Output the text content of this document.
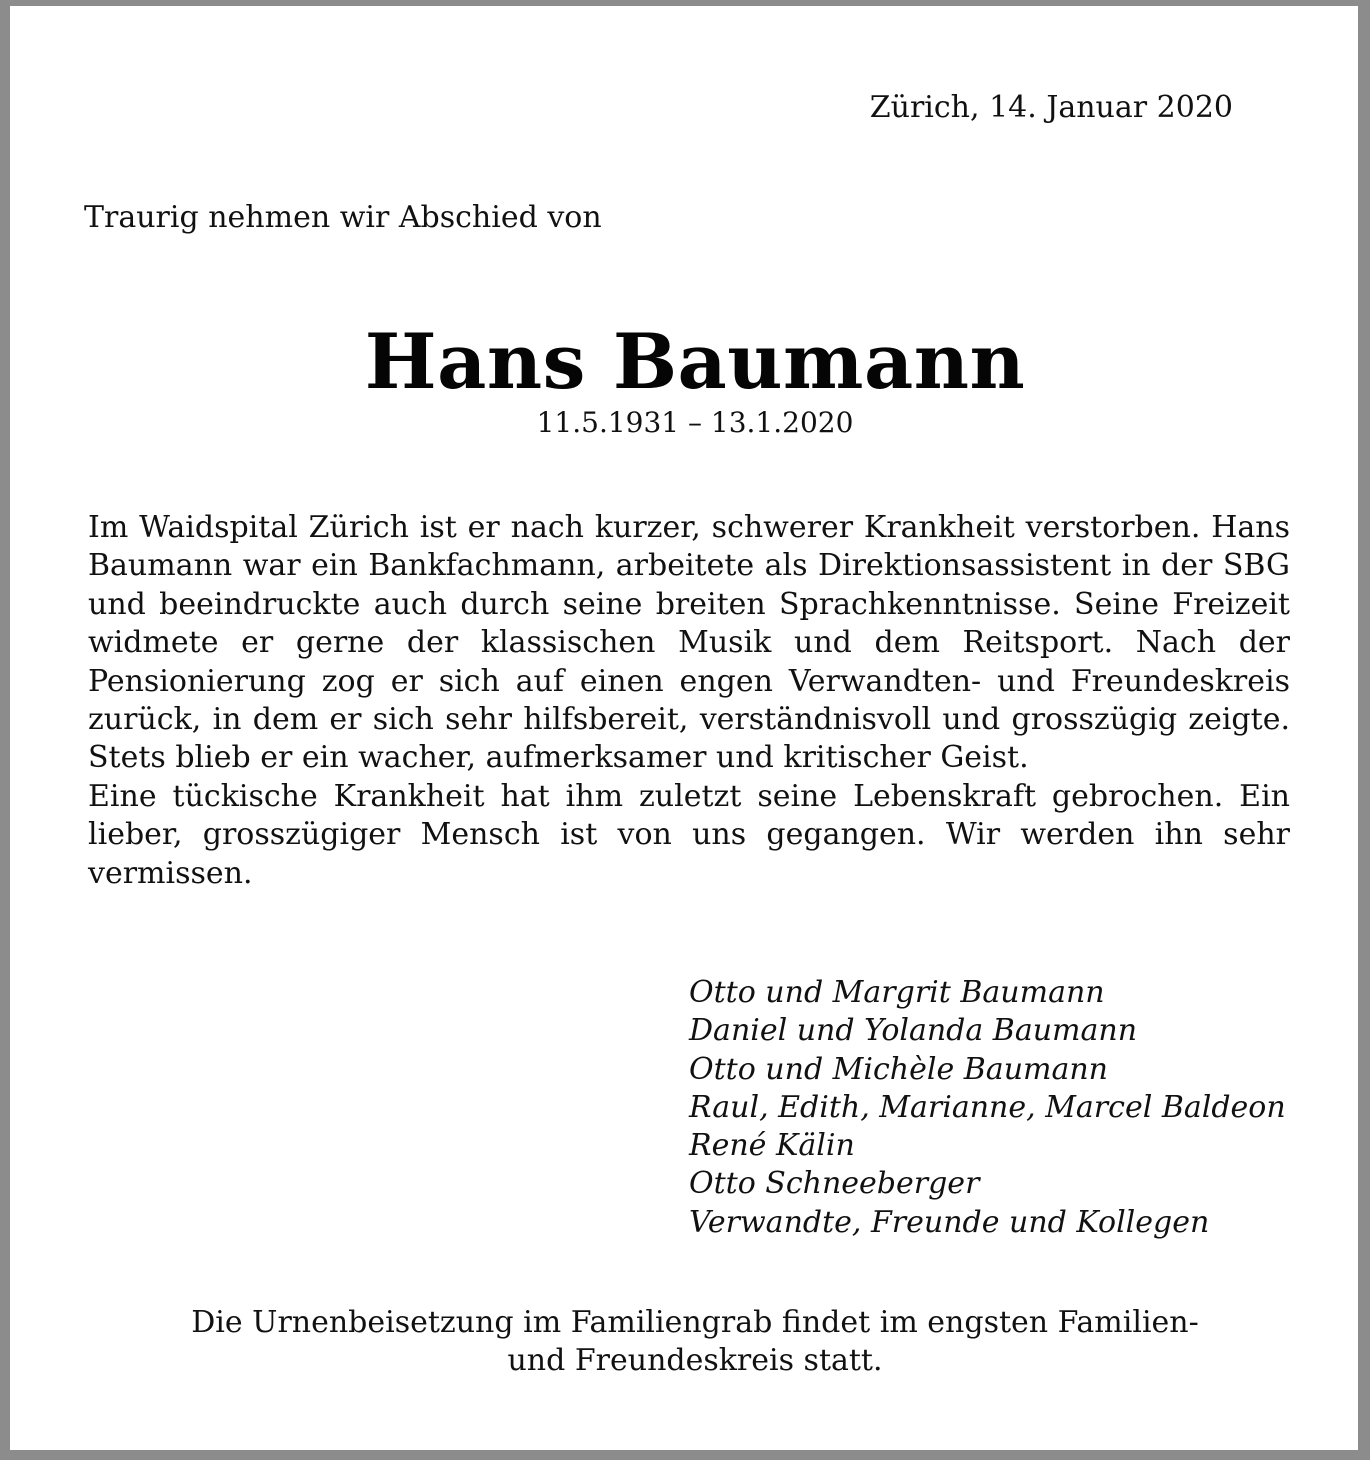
Zürich, 14. Januar 2020
Traurig nehmen wir Abschied von
Hans Baumann
11.5.1931 – 13.1.2020

Im Waidspital Zürich ist er nach kurzer, schwerer Krankheit verstorben. Hans Baumann war ein Bankfachmann, arbeitete als Direktionsassistent in der SBG und beeindruckte auch durch seine breiten Sprachkenntnisse. Seine Freizeit widmete er gerne der klassischen Musik und dem Reitsport. Nach der Pensionierung zog er sich auf einen engen Verwandten- und Freundeskreis zurück, in dem er sich sehr hilfsbereit, verständnisvoll und grosszügig zeigte. Stets blieb er ein wacher, aufmerksamer und kritischer Geist.

Eine tückische Krankheit hat ihm zuletzt seine Lebenskraft gebrochen. Ein lieber, grosszügiger Mensch ist von uns gegangen. Wir werden ihn sehr vermissen.

Otto und Margrit Baumann
Daniel und Yolanda Baumann
Otto und Michèle Baumann
Raul, Edith, Marianne, Marcel Baldeon
René Kälin
Otto Schneeberger
Verwandte, Freunde und Kollegen
Die Urnenbeisetzung im Familiengrab findet im engsten Familien-
und Freundeskreis statt.
